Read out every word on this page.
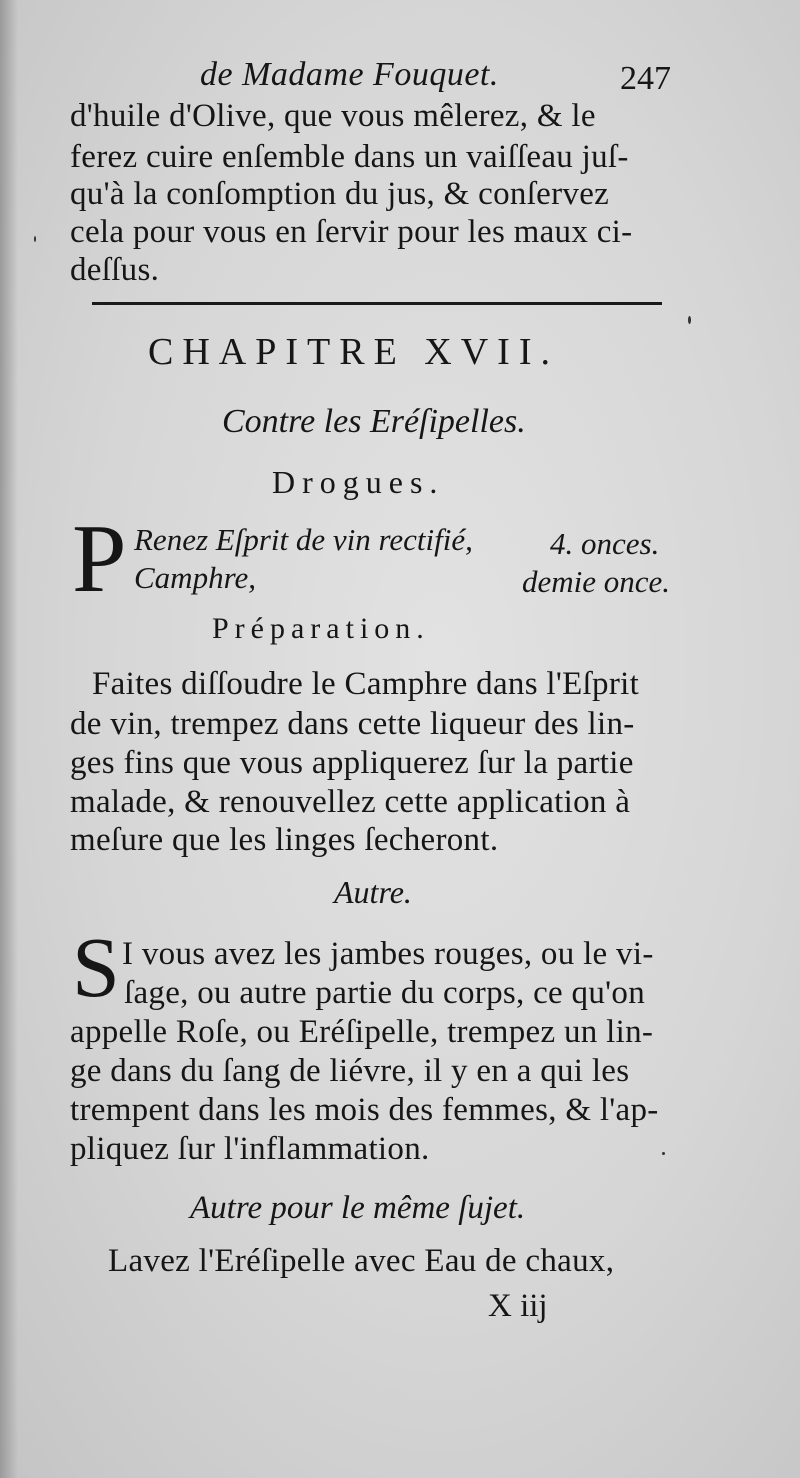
de Madame Fouquet.	247
d'huile d'Olive, que vous mêlerez, & le
ferez cuire enſemble dans un vaiſſeau juſ-
qu'à la conſomption du jus, & conſervez
cela pour vous en ſervir pour les maux ci-
deſſus.
CHAPITRE XVII.
Contre les Eréſipelles.
Drogues.
P Renez Eſprit de vin rectifié, 4. onces.
Camphre,	demie once.
Préparation.
Faites diſſoudre le Camphre dans l'Eſprit
de vin, trempez dans cette liqueur des lin-
ges fins que vous appliquerez ſur la partie
malade, & renouvellez cette application à
meſure que les linges ſecheront.
Autre.
S I vous avez les jambes rouges, ou le vi-
ſage, ou autre partie du corps, ce qu'on
appelle Roſe, ou Eréſipelle, trempez un lin-
ge dans du ſang de liévre, il y en a qui les
trempent dans les mois des femmes, & l'ap-
pliquez ſur l'inflammation.
Autre pour le même ſujet.
Lavez l'Eréſipelle avec Eau de chaux,
X iij
